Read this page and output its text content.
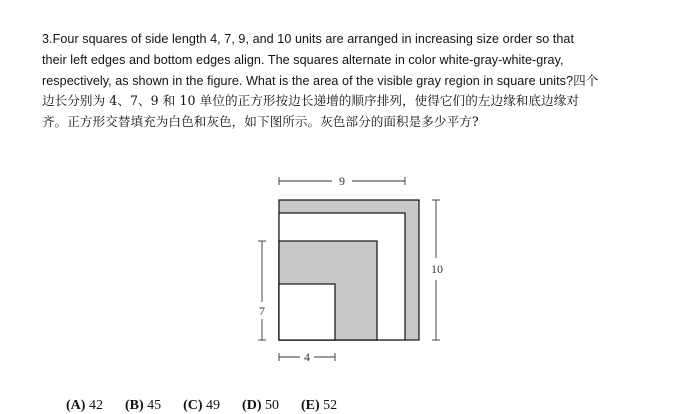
3.Four squares of side length 4, 7, 9, and 10 units are arranged in increasing size order so that their left edges and bottom edges align. The squares alternate in color white-gray-white-gray, respectively, as shown in the figure. What is the area of the visible gray region in square units?四个边长分别为 4、7、9 和 10 单位的正方形按边长递增的顺序排列，使得它们的左边缘和底边缘对齐。正方形交替填充为白色和灰色，如下图所示。灰色部分的面积是多少平方?
9
10
7
4
(A) 42 (B) 45 (C) 49 (D) 50 (E) 52
